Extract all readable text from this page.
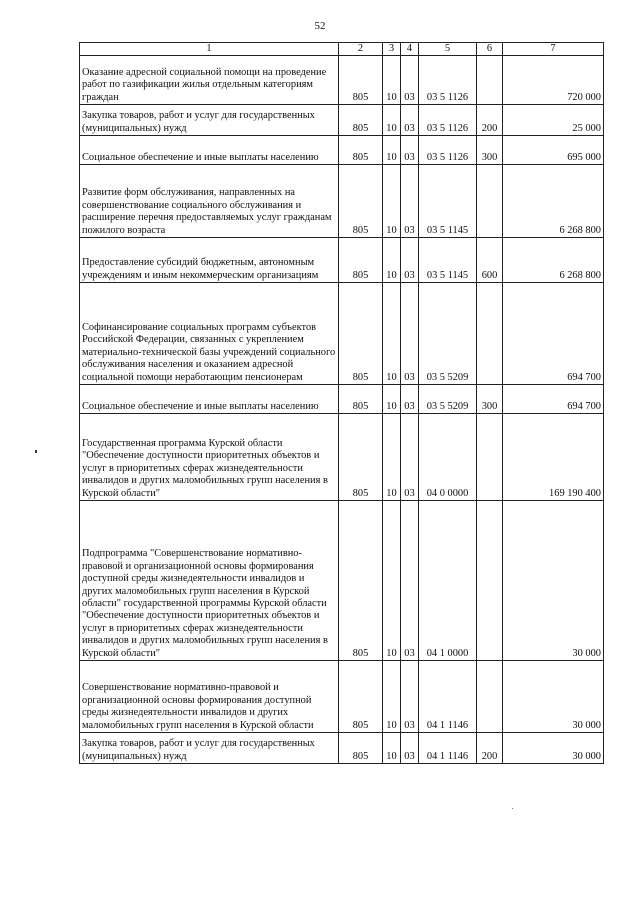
52
1	2	3	4	5	6	7
Оказание адресной социальной помощи на проведение работ по газификации жилья отдельным категориям граждан	805	10	03	03 5 1126		720 000
Закупка товаров, работ и услуг для государственных (муниципальных) нужд	805	10	03	03 5 1126	200	25 000
Социальное обеспечение и иные выплаты населению	805	10	03	03 5 1126	300	695 000
Развитие форм обслуживания, направленных на совершенствование социального обслуживания и расширение перечня предоставляемых услуг гражданам пожилого возраста	805	10	03	03 5 1145		6 268 800
Предоставление субсидий бюджетным, автономным учреждениям и иным некоммерческим организациям	805	10	03	03 5 1145	600	6 268 800
Софинансирование социальных программ субъектов Российской Федерации, связанных с укреплением материально-технической базы учреждений социального обслуживания населения и оказанием адресной социальной помощи неработающим пенсионерам	805	10	03	03 5 5209		694 700
Социальное обеспечение и иные выплаты населению	805	10	03	03 5 5209	300	694 700
Государственная программа Курской области "Обеспечение доступности приоритетных объектов и услуг в приоритетных сферах жизнедеятельности инвалидов и других маломобильных групп населения в Курской области"	805	10	03	04 0 0000		169 190 400
Подпрограмма "Совершенствование нормативно-правовой и организационной основы формирования доступной среды жизнедеятельности инвалидов и других маломобильных групп населения в Курской области" государственной программы Курской области "Обеспечение доступности приоритетных объектов и услуг в приоритетных сферах жизнедеятельности инвалидов и других маломобильных групп населения в Курской области"	805	10	03	04 1 0000		30 000
Совершенствование нормативно-правовой и организационной основы формирования доступной среды жизнедеятельности инвалидов и других маломобильных групп населения в Курской области	805	10	03	04 1 1146		30 000
Закупка товаров, работ и услуг для государственных (муниципальных) нужд	805	10	03	04 1 1146	200	30 000
